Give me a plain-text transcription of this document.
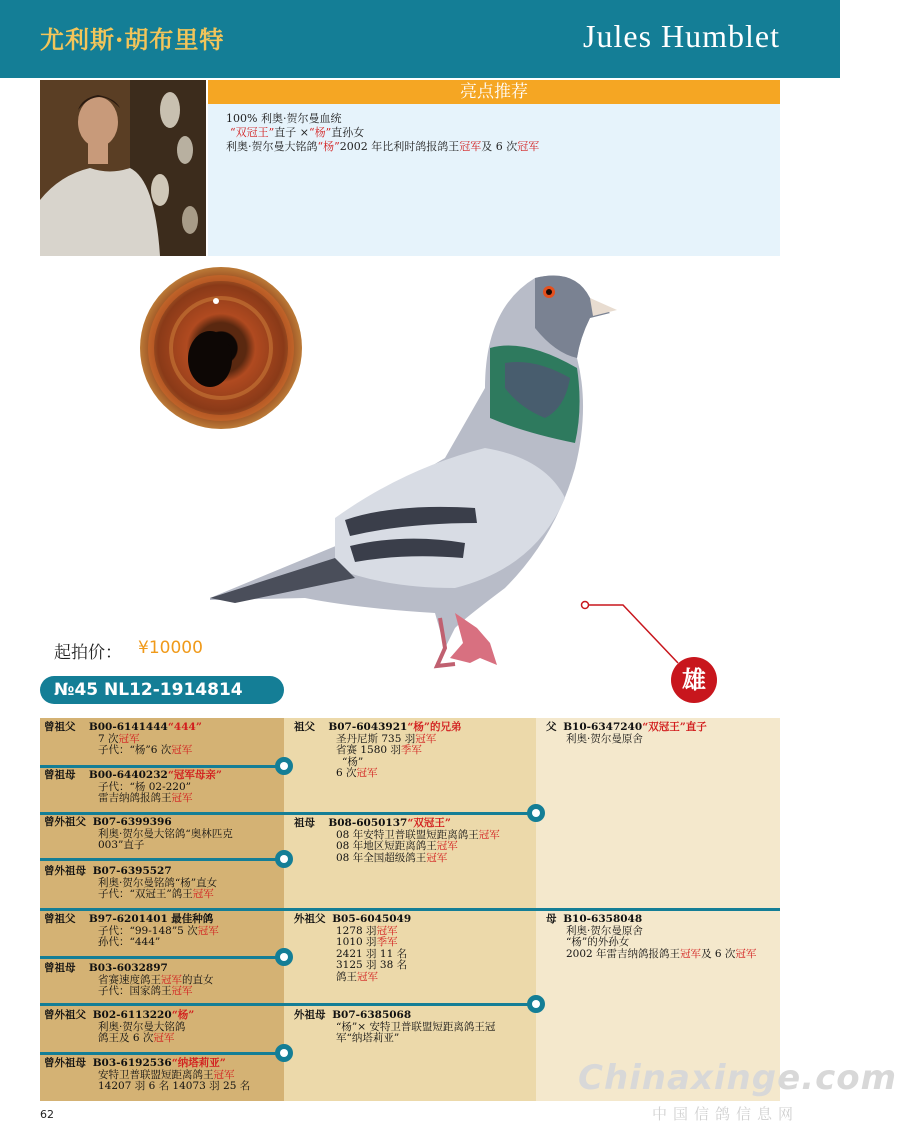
尤利斯·胡布里特	Jules Humblet
100% 利奥·贺尔曼血统
“双冠王”直子 ×“杨”直孙女
利奥·贺尔曼大铭鸽“杨”2002 年比利时鸽报鸽王冠军及 6 次冠军
亮点推荐
起拍价： ¥10000
№45 NL12-1914814	雄
曾祖父 B00-6141444“444”
7 次冠军
子代：“杨”6 次冠军
曾祖母 B00-6440232“冠军母亲”
子代：“杨 02-220”
雷吉纳鸽报鸽王冠军
曾外祖父 B07-6399396
利奥·贺尔曼大铭鸽“奥林匹克
003”直子
曾外祖母 B07-6395527
利奥·贺尔曼铭鸽“杨”直女
子代：“双冠王”鸽王冠军
曾祖父 B97-6201401 最佳种鸽
子代：“99-148”5 次冠军
孙代：“444”
曾祖母 B03-6032897
省赛速度鸽王冠军的直女
子代：国家鸽王冠军
曾外祖父 B02-6113220“杨”
利奥·贺尔曼大铭鸽
鸽王及 6 次冠军
曾外祖母 B03-6192536“纳塔莉亚”
安特卫普联盟短距离鸽王冠军
14207 羽 6 名 14073 羽 25 名
祖父 B07-6043921“杨”的兄弟
圣丹尼斯 735 羽冠军
省赛 1580 羽季军
“杨”
6 次冠军
祖母 B08-6050137“双冠王”
08 年安特卫普联盟短距离鸽王冠军
08 年地区短距离鸽王冠军
08 年全国超级鸽王冠军
外祖父 B05-6045049
1278 羽冠军
1010 羽季军
2421 羽 11 名
3125 羽 38 名
鸽王冠军
外祖母 B07-6385068
“杨”× 安特卫普联盟短距离鸽王冠
军“纳塔莉亚”
父 B10-6347240“双冠王”直子
利奥·贺尔曼原舍
母 B10-6358048
利奥·贺尔曼原舍
“杨”的外孙女
2002 年雷吉纳鸽报鸽王冠军及 6 次冠军
62
Chinaxinge.com
中国信鸽信息网
